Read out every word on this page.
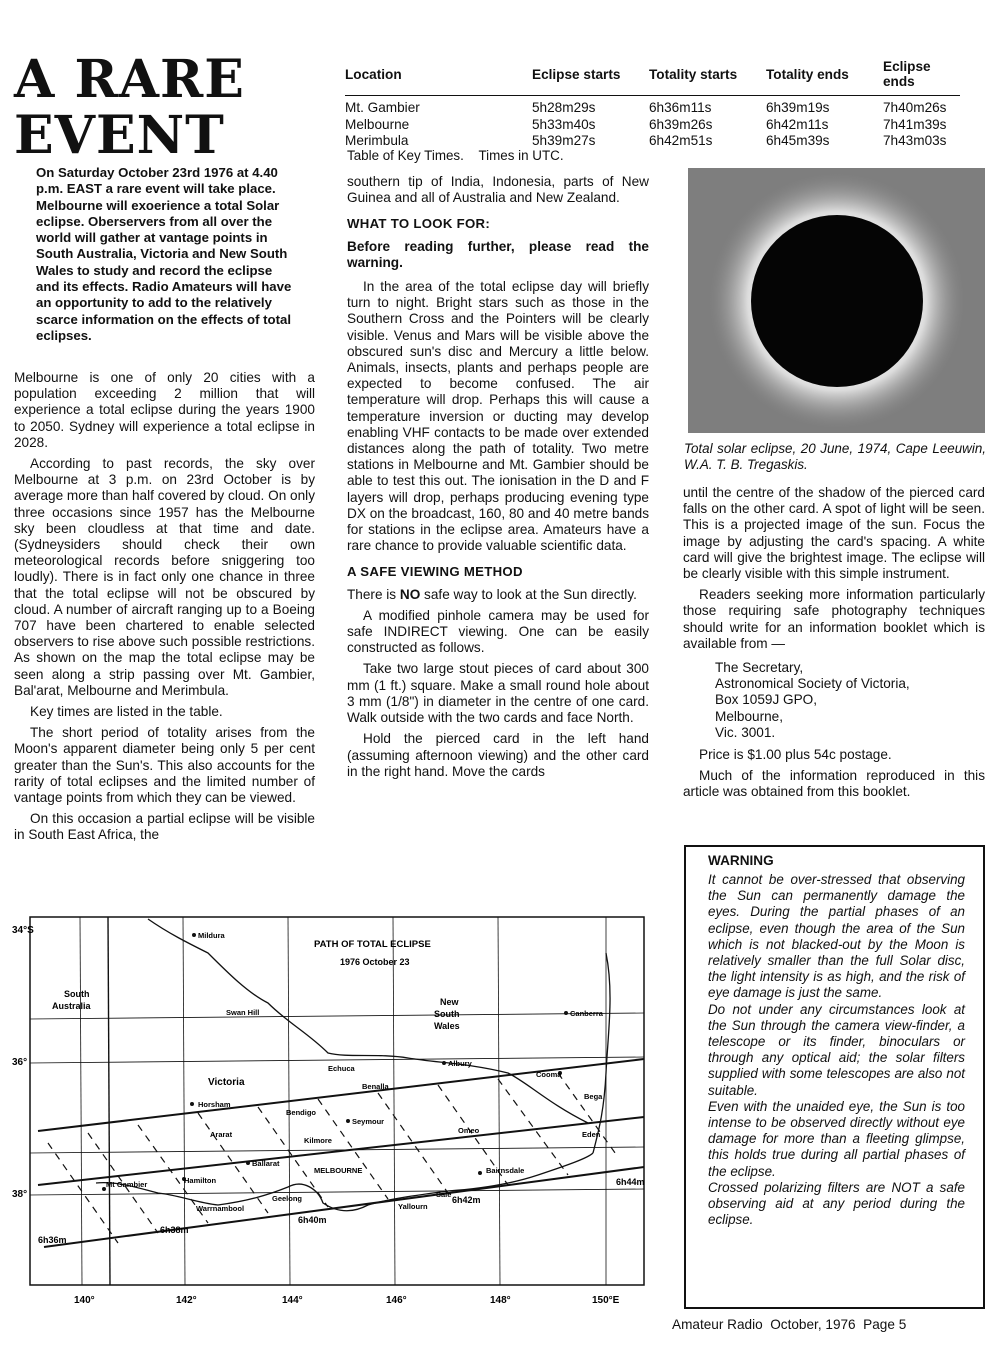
A RARE
EVENT
On Saturday October 23rd 1976 at 4.40 p.m. EAST a rare event will take place. Melbourne will exoerience a total Solar eclipse. Oberservers from all over the world will gather at vantage points in South Australia, Victoria and New South Wales to study and record the eclipse and its effects. Radio Amateurs will have an opportunity to add to the relatively scarce information on the effects of total eclipses.

Melbourne is one of only 20 cities with a population exceeding 2 million that will experience a total eclipse during the years 1900 to 2050. Sydney will experience a total eclipse in 2028.

According to past records, the sky over Melbourne at 3 p.m. on 23rd October is by average more than half covered by cloud. On only three occasions since 1957 has the Melbourne sky been cloudless at that time and date. (Sydneysiders should check their own meteorological records before sniggering too loudly). There is in fact only one chance in three that the total eclipse will not be obscured by cloud. A number of aircraft ranging up to a Boeing 707 have been chartered to enable selected observers to rise above such possible restrictions. As shown on the map the total eclipse may be seen along a strip passing over Mt. Gambier, Bal'arat, Melbourne and Merimbula.

Key times are listed in the table.

The short period of totality arises from the Moon's apparent diameter being only 5 per cent greater than the Sun's. This also accounts for the rarity of total eclipses and the limited number of vantage points from which they can be viewed.

On this occasion a partial eclipse will be visible in South East Africa, the

Location	Eclipse starts	Totality starts	Totality ends	Eclipse ends
Mt. Gambier	5h28m29s	6h36m11s	6h39m19s	7h40m26s
Melbourne	5h33m40s	6h39m26s	6h42m11s	7h41m39s
Merimbula	5h39m27s	6h42m51s	6h45m39s	7h43m03s
Table of Key Times.    Times in UTC.

southern tip of India, Indonesia, parts of New Guinea and all of Australia and New Zealand.

WHAT TO LOOK FOR:

Before reading further, please read the warning.

In the area of the total eclipse day will briefly turn to night. Bright stars such as those in the Southern Cross and the Pointers will be clearly visible. Venus and Mars will be visible above the obscured sun's disc and Mercury a little below. Animals, insects, plants and perhaps people are expected to become confused. The air temperature will drop. Perhaps this will cause a temperature inversion or ducting may develop enabling VHF contacts to be made over extended distances along the path of totality. Two metre stations in Melbourne and Mt. Gambier should be able to test this out. The ionisation in the D and F layers will drop, perhaps producing evening type DX on the broadcast, 160, 80 and 40 metre bands for stations in the eclipse area. Amateurs have a rare chance to provide valuable scientific data.

A SAFE VIEWING METHOD

There is NO safe way to look at the Sun directly.

A modified pinhole camera may be used for safe INDIRECT viewing. One can be easily constructed as follows.

Take two large stout pieces of card about 300 mm (1 ft.) square. Make a small round hole about 3 mm (1/8") in diameter in the centre of one card. Walk outside with the two cards and face North.

Hold the pierced card in the left hand (assuming afternoon viewing) and the other card in the right hand. Move the cards

Total solar eclipse, 20 June, 1974, Cape Leeuwin, W.A. T. B. Tregaskis.

until the centre of the shadow of the pierced card falls on the other card. A spot of light will be seen. This is a projected image of the sun. Focus the image by adjusting the card's spacing. A white card will give the brightest image. The eclipse will be clearly visible with this simple instrument.

Readers seeking more information particularly those requiring safe photography techniques should write for an information booklet which is available from —

The Secretary,
Astronomical Society of Victoria,
Box 1059J GPO,
Melbourne,
Vic. 3001.

Price is $1.00 plus 54c postage.

Much of the information reproduced in this article was obtained from this booklet.

WARNING

It cannot be over-stressed that observing the Sun can permanently damage the eyes. During the partial phases of an eclipse, even though the area of the Sun which is not blacked-out by the Moon is relatively smaller than the full Solar disc, the light intensity is as high, and the risk of eye damage is just the same.

Do not under any circumstances look at the Sun through the camera view-finder, a telescope or its finder, binoculars or through any optical aid; the solar filters supplied with some telescopes are also not suitable.

Even with the unaided eye, the Sun is too intense to be observed directly without eye damage for more than a fleeting glimpse, this holds true during all partial phases of the eclipse.

Crossed polarizing filters are NOT a safe observing aid at any period during the eclipse.

PATH OF TOTAL ECLIPSE
1976 October 23
34°S
36°
38°
140°	142°	144°	146°	148°	150°E
South
Australia
Victoria
New
South
Wales
Mildura
Swan Hill	Canberra
Echuca
Albury
Benalla
Cooma
Bega
Horsham
Bendigo
Seymour
Omeo	Eden
Ararat
Kilmore
Ballarat
MELBOURNE	Bairnsdale
Mt Gambier	Hamilton
Warrnambool
Geelong	Sale
Yallourn
6h36m
6h38m
6h40m
6h42m
6h44m
Amateur Radio  October, 1976  Page 5
